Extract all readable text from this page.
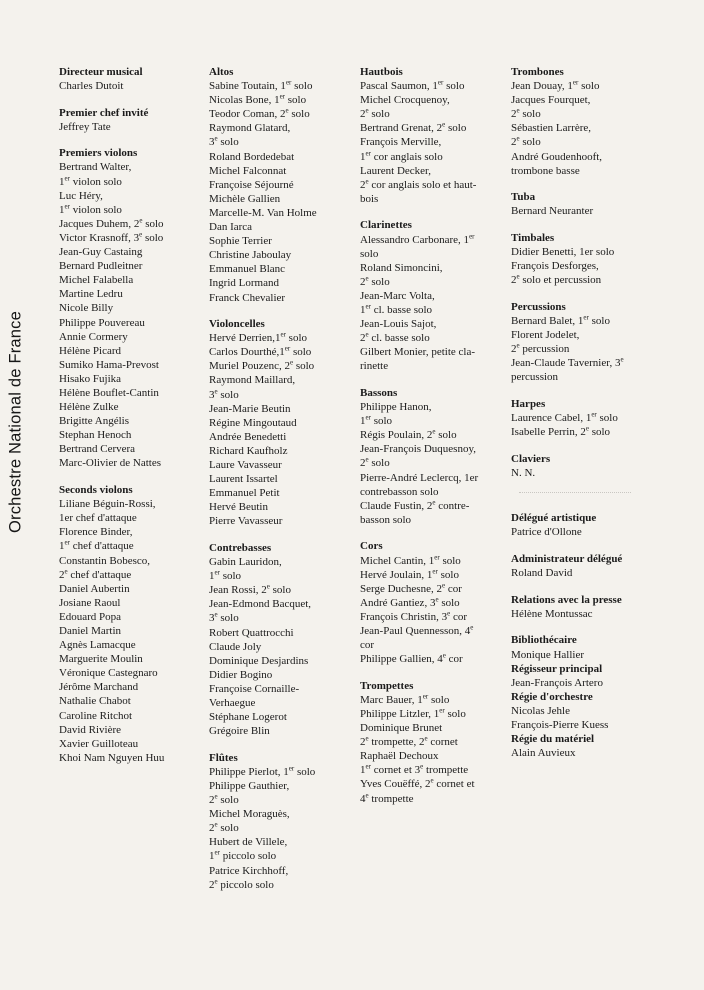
Orchestre National de France
Directeur musical
Charles Dutoit
Premier chef invité
Jeffrey Tate
Premiers violons
Bertrand Walter,
1er violon solo
Luc Héry,
1er violon solo
Jacques Duhem, 2e solo
Victor Krasnoff, 3e solo
Jean-Guy Castaing
Bernard Pudleitner
Michel Falabella
Martine Ledru
Nicole Billy
Philippe Pouvereau
Annie Cormery
Hélène Picard
Sumiko Hama-Prevost
Hisako Fujika
Hélène Bouflet-Cantin
Hélène Zulke
Brigitte Angélis
Stephan Henoch
Bertrand Cervera
Marc-Olivier de Nattes
Seconds violons
Liliane Béguin-Rossi,
1er chef d'attaque
Florence Binder,
1er chef d'attaque
Constantin Bobesco,
2e chef d'attaque
Daniel Aubertin
Josiane Raoul
Edouard Popa
Daniel Martin
Agnès Lamacque
Marguerite Moulin
Véronique Castegnaro
Jérôme Marchand
Nathalie Chabot
Caroline Ritchot
David Rivière
Xavier Guilloteau
Khoi Nam Nguyen Huu
Altos
Sabine Toutain, 1er solo
Nicolas Bone, 1er solo
Teodor Coman, 2e solo
Raymond Glatard,
3e solo
Roland Bordedebat
Michel Falconnat
Françoise Séjourné
Michèle Gallien
Marcelle-M. Van Holme
Dan Iarca
Sophie Terrier
Christine Jaboulay
Emmanuel Blanc
Ingrid Lormand
Franck Chevalier
Violoncelles
Hervé Derrien,1er solo
Carlos Dourthé,1er solo
Muriel Pouzenc, 2e solo
Raymond Maillard,
3e solo
Jean-Marie Beutin
Régine Mingoutaud
Andrée Benedetti
Richard Kaufholz
Laure Vavasseur
Laurent Issartel
Emmanuel Petit
Hervé Beutin
Pierre Vavasseur
Contrebasses
Gabin Lauridon,
1er solo
Jean Rossi, 2e solo
Jean-Edmond Bacquet,
3e solo
Robert Quattrocchi
Claude Joly
Dominique Desjardins
Didier Bogino
Françoise Cornaille-
Verhaegue
Stéphane Logerot
Grégoire Blin
Flûtes
Philippe Pierlot, 1er solo
Philippe Gauthier,
2e solo
Michel Moraguès,
2e solo
Hubert de Villele,
1er piccolo solo
Patrice Kirchhoff,
2e piccolo solo
Hautbois
Pascal Saumon, 1er solo
Michel Crocquenoy,
2e solo
Bertrand Grenat, 2e solo
François Merville,
1er cor anglais solo
Laurent Decker,
2e cor anglais solo et haut-
bois
Clarinettes
Alessandro Carbonare, 1er
solo
Roland Simoncini,
2e solo
Jean-Marc Volta,
1er cl. basse solo
Jean-Louis Sajot,
2e cl. basse solo
Gilbert Monier, petite cla-
rinette
Bassons
Philippe Hanon,
1er solo
Régis Poulain, 2e solo
Jean-François Duquesnoy,
2e solo
Pierre-André Leclercq, 1er
contrebasson solo
Claude Fustin, 2e contre-
basson solo
Cors
Michel Cantin, 1er solo
Hervé Joulain, 1er solo
Serge Duchesne, 2e cor
André Gantiez, 3e solo
François Christin, 3e cor
Jean-Paul Quennesson, 4e
cor
Philippe Gallien, 4e cor
Trompettes
Marc Bauer, 1er solo
Philippe Litzler, 1er solo
Dominique Brunet
2e trompette, 2e cornet
Raphaël Dechoux
1er cornet et 3e trompette
Yves Couëffé, 2e cornet et
4e trompette
Trombones
Jean Douay, 1er solo
Jacques Fourquet,
2e solo
Sébastien Larrère,
2e solo
André Goudenhooft,
trombone basse
Tuba
Bernard Neuranter
Timbales
Didier Benetti, 1er solo
François Desforges,
2e solo et percussion
Percussions
Bernard Balet, 1er solo
Florent Jodelet,
2e percussion
Jean-Claude Tavernier, 3e
percussion
Harpes
Laurence Cabel, 1er solo
Isabelle Perrin, 2e solo
Claviers
N. N.
Délégué artistique
Patrice d'Ollone
Administrateur délégué
Roland David
Relations avec la presse
Hélène Montussac
Bibliothécaire
Monique Hallier
Régisseur principal
Jean-François Artero
Régie d'orchestre
Nicolas Jehle
François-Pierre Kuess
Régie du matériel
Alain Auvieux
